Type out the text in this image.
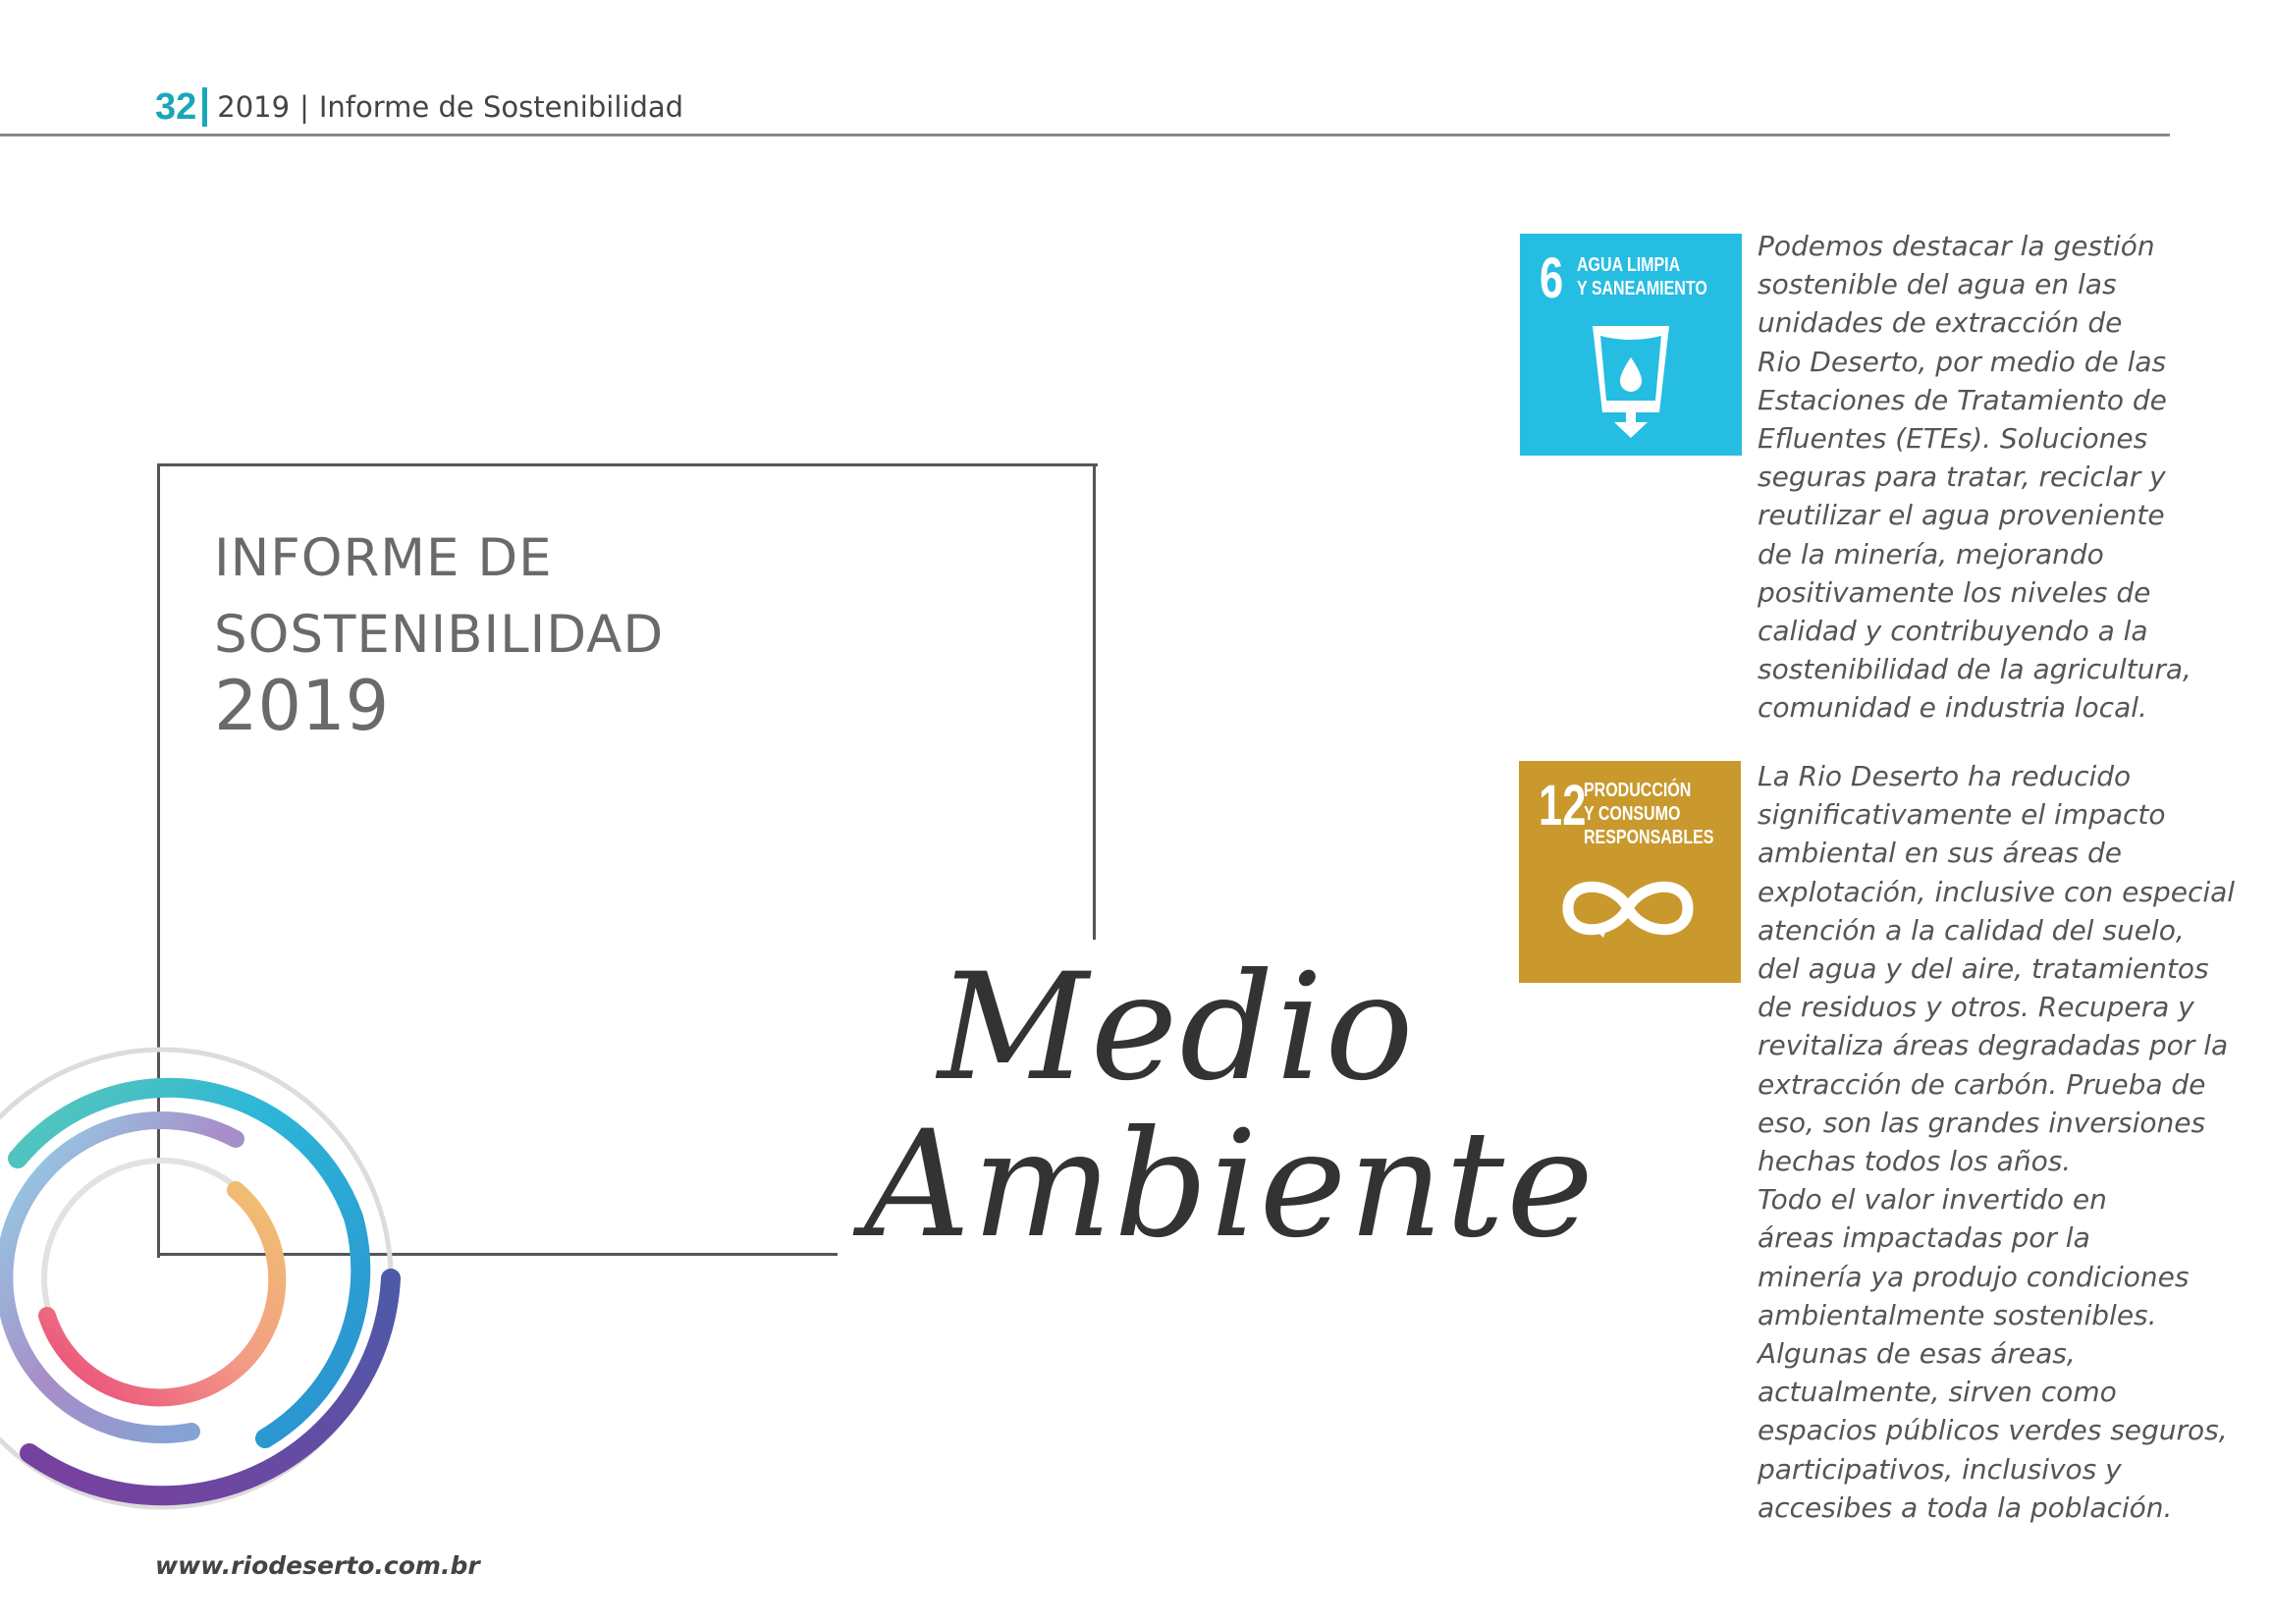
32 2019 | Informe de Sostenibilidad
INFORME DE
SOSTENIBILIDAD
2019
Medio
Ambiente
6 AGUA LIMPIA
Y SANEAMIENTO
12
PRODUCCIÓN
Y CONSUMO
RESPONSABLES
Podemos destacar la gestión
sostenible del agua en las
unidades de extracción de
Rio Deserto, por medio de las
Estaciones de Tratamiento de
Efluentes (ETEs). Soluciones
seguras para tratar, reciclar y
reutilizar el agua proveniente
de la minería, mejorando
positivamente los niveles de
calidad y contribuyendo a la
sostenibilidad de la agricultura,
comunidad e industria local.
La Rio Deserto ha reducido
significativamente el impacto
ambiental en sus áreas de
explotación, inclusive con especial
atención a la calidad del suelo,
del agua y del aire, tratamientos
de residuos y otros. Recupera y
revitaliza áreas degradadas por la
extracción de carbón. Prueba de
eso, son las grandes inversiones
hechas todos los años.
Todo el valor invertido en
áreas impactadas por la
minería ya produjo condiciones
ambientalmente sostenibles.
Algunas de esas áreas,
actualmente, sirven como
espacios públicos verdes seguros,
participativos, inclusivos y
accesibes a toda la población.
www.riodeserto.com.br
